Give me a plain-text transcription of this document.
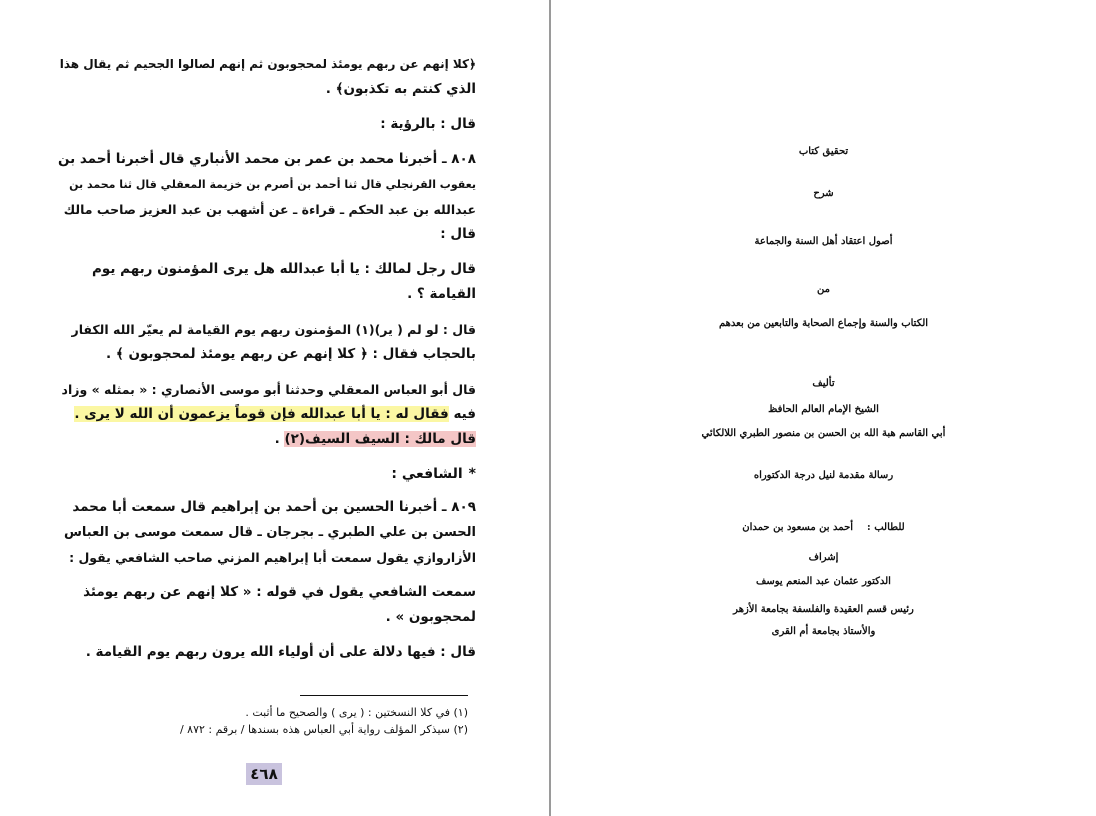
﴿كلا إنهم عن ربهم يومئذ لمحجوبون ثم إنهم لصالوا الجحيم ثم يقال هذا
الذي كنتم به تكذبون﴾ .

قال : بالرؤية :

٨٠٨ ـ أخبرنا محمد بن عمر بن محمد الأنباري قال أخبرنا أحمد بن
يعقوب القرنجلي قال ثنا أحمد بن أصرم بن خزيمة المعقلي قال ثنا محمد بن
عبدالله بن عبد الحكم ـ قراءة ـ عن أشهب بن عبد العزيز صاحب مالك
قال :

قال رجل لمالك : يا أبا عبدالله هل يرى المؤمنون ربهم يوم
القيامة ؟ .

قال : لو لم ( ير)(١) المؤمنون ربهم يوم القيامة لم يعيّر الله الكفار
بالحجاب فقال : ﴿ كلا إنهم عن ربهم يومئذ لمحجوبون ﴾ .

قال أبو العباس المعقلي وحدثنا أبو موسى الأنصاري : « بمثله » وزاد
فيه فقال له : يا أبا عبدالله فإن قوماً يزعمون أن الله لا يرى .
قال مالك : السيف السيف(٢) .

*الشافعي :

٨٠٩ ـ أخبرنا الحسين بن أحمد بن إبراهيم قال سمعت أبا محمد
الحسن بن علي الطبري ـ بجرجان ـ قال سمعت موسى بن العباس
الأزاروازي يقول سمعت أبا إبراهيم المزني صاحب الشافعي يقول :

سمعت الشافعي يقول في قوله : « كلا إنهم عن ربهم يومئذ
لمحجوبون » .

قال : فيها دلالة على أن أولياء الله يرون ربهم يوم القيامة .

(١) في كلا النسختين : ( يرى ) والصحيح ما أثبت .
(٢) سيذكر المؤلف رواية أبي العباس هذه بسندها / برقم : ٨٧٢ /
٤٦٨
تحقيق كتاب
شرح
أصول اعتقاد أهل السنة والجماعة
من
الكتاب والسنة وإجماع الصحابة والتابعين من بعدهم
تأليف
الشيخ الإمام العالم الحافظ
أبي القاسم هبة الله بن الحسن بن منصور الطبري اللالكائي
رسالة مقدمة لنيل درجة الدكتوراه
للطالب :أحمد بن مسعود بن حمدان
إشراف
الدكتور عثمان عبد المنعم يوسف
رئيس قسم العقيدة والفلسفة بجامعة الأزهر
والأستاذ بجامعة أم القرى
